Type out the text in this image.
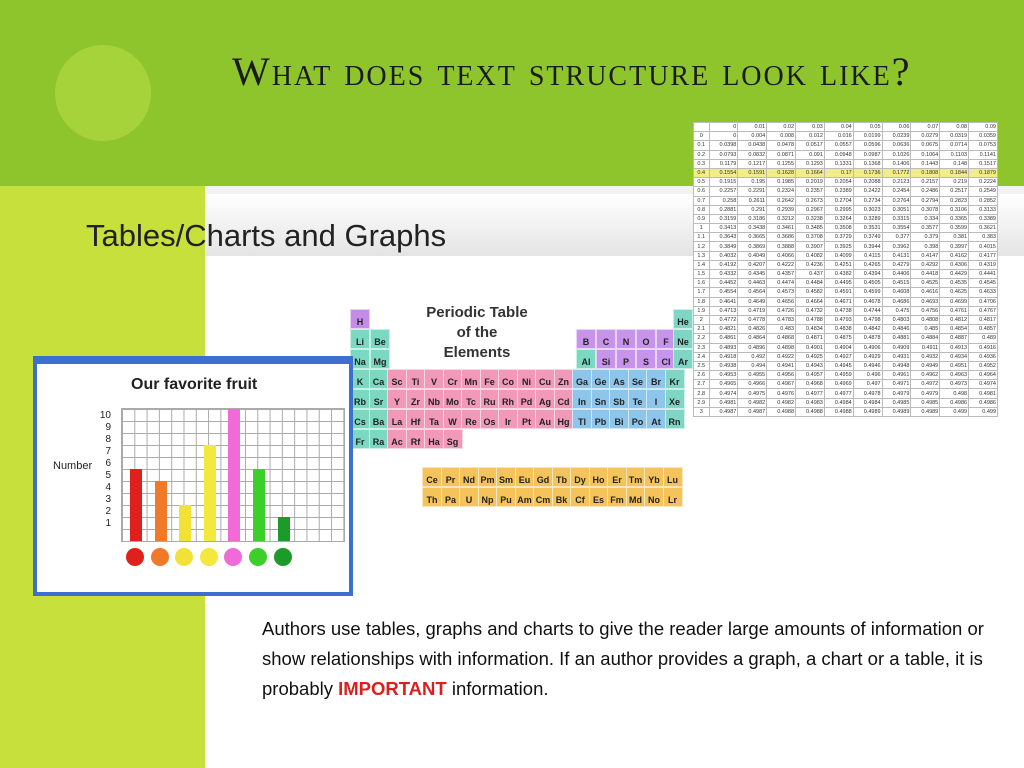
What does text structure look like?
Tables/Charts and Graphs
Authors use tables, graphs and charts to give the reader large amounts of information or show relationships with information. If an author provides a graph, a chart or a table, it is probably IMPORTANT information.
	0	0.01	0.02	0.03	0.04	0.05	0.06	0.07	0.08	0.09
0	0	0.004	0.008	0.012	0.016	0.0199	0.0239	0.0279	0.0319	0.0359
0.1	0.0398	0.0438	0.0478	0.0517	0.0557	0.0596	0.0636	0.0675	0.0714	0.0753
0.2	0.0793	0.0832	0.0871	0.091	0.0948	0.0987	0.1026	0.1064	0.1103	0.1141
0.3	0.1179	0.1217	0.1255	0.1293	0.1331	0.1368	0.1406	0.1443	0.148	0.1517
0.4	0.1554	0.1591	0.1628	0.1664	0.17	0.1736	0.1772	0.1808	0.1844	0.1879
0.5	0.1915	0.195	0.1985	0.2019	0.2054	0.2088	0.2123	0.2157	0.219	0.2224
0.6	0.2257	0.2291	0.2324	0.2357	0.2389	0.2422	0.2454	0.2486	0.2517	0.2549
0.7	0.258	0.2611	0.2642	0.2673	0.2704	0.2734	0.2764	0.2794	0.2823	0.2852
0.8	0.2881	0.291	0.2939	0.2967	0.2995	0.3023	0.3051	0.3078	0.3106	0.3133
0.9	0.3159	0.3186	0.3212	0.3238	0.3264	0.3289	0.3315	0.334	0.3365	0.3389
1	0.3413	0.3438	0.3461	0.3485	0.3508	0.3531	0.3554	0.3577	0.3599	0.3621
1.1	0.3643	0.3665	0.3686	0.3708	0.3729	0.3749	0.377	0.379	0.381	0.383
1.2	0.3849	0.3869	0.3888	0.3907	0.3925	0.3944	0.3962	0.398	0.3997	0.4015
1.3	0.4032	0.4049	0.4066	0.4082	0.4099	0.4115	0.4131	0.4147	0.4162	0.4177
1.4	0.4192	0.4207	0.4222	0.4236	0.4251	0.4265	0.4279	0.4292	0.4306	0.4319
1.5	0.4332	0.4345	0.4357	0.437	0.4382	0.4394	0.4406	0.4418	0.4429	0.4441
1.6	0.4452	0.4463	0.4474	0.4484	0.4495	0.4505	0.4515	0.4525	0.4535	0.4545
1.7	0.4554	0.4564	0.4573	0.4582	0.4591	0.4599	0.4608	0.4616	0.4625	0.4633
1.8	0.4641	0.4649	0.4656	0.4664	0.4671	0.4678	0.4686	0.4693	0.4699	0.4706
1.9	0.4713	0.4719	0.4726	0.4732	0.4738	0.4744	0.475	0.4756	0.4761	0.4767
2	0.4772	0.4778	0.4783	0.4788	0.4793	0.4798	0.4803	0.4808	0.4812	0.4817
2.1	0.4821	0.4826	0.483	0.4834	0.4838	0.4842	0.4846	0.485	0.4854	0.4857
2.2	0.4861	0.4864	0.4868	0.4871	0.4875	0.4878	0.4881	0.4884	0.4887	0.489
2.3	0.4893	0.4896	0.4898	0.4901	0.4904	0.4906	0.4909	0.4911	0.4913	0.4916
2.4	0.4918	0.492	0.4922	0.4925	0.4927	0.4929	0.4931	0.4932	0.4934	0.4936
2.5	0.4938	0.494	0.4941	0.4943	0.4945	0.4946	0.4948	0.4949	0.4951	0.4952
2.6	0.4953	0.4955	0.4956	0.4957	0.4959	0.496	0.4961	0.4962	0.4963	0.4964
2.7	0.4965	0.4966	0.4967	0.4968	0.4969	0.497	0.4971	0.4972	0.4973	0.4974
2.8	0.4974	0.4975	0.4976	0.4977	0.4977	0.4978	0.4979	0.4979	0.498	0.4981
2.9	0.4981	0.4982	0.4982	0.4983	0.4984	0.4984	0.4985	0.4985	0.4986	0.4986
3	0.4987	0.4987	0.4988	0.4988	0.4988	0.4989	0.4989	0.4989	0.499	0.499
Periodic Table
of the
Elements
H	He
Li	Be	B	C	N	O	F Ne
Na Mg	Al	Si	P	S	Cl Ar
K	Ca Sc	Ti	V	Cr Mn Fe Co Ni Cu Zn Ga Ge As Se Br Kr
Rb Sr	Y	Zr Nb Mo Tc Ru Rh Pd Ag Cd In Sn Sb Te	I	Xe
Cs Ba La Hf Ta	W Re Os	Ir	Pt Au Hg Tl Pb Bi Po At Rn
Fr Ra Ac Rf Ha Sg
Ce Pr Nd Pm Sm Eu Gd Tb Dy Ho Er Tm Yb Lu
Th Pa	U	Np Pu Am Cm Bk Cf Es Fm Md No Lr
Our favorite fruit
Number
10
9
8
7
6
5
4
3
2
1
